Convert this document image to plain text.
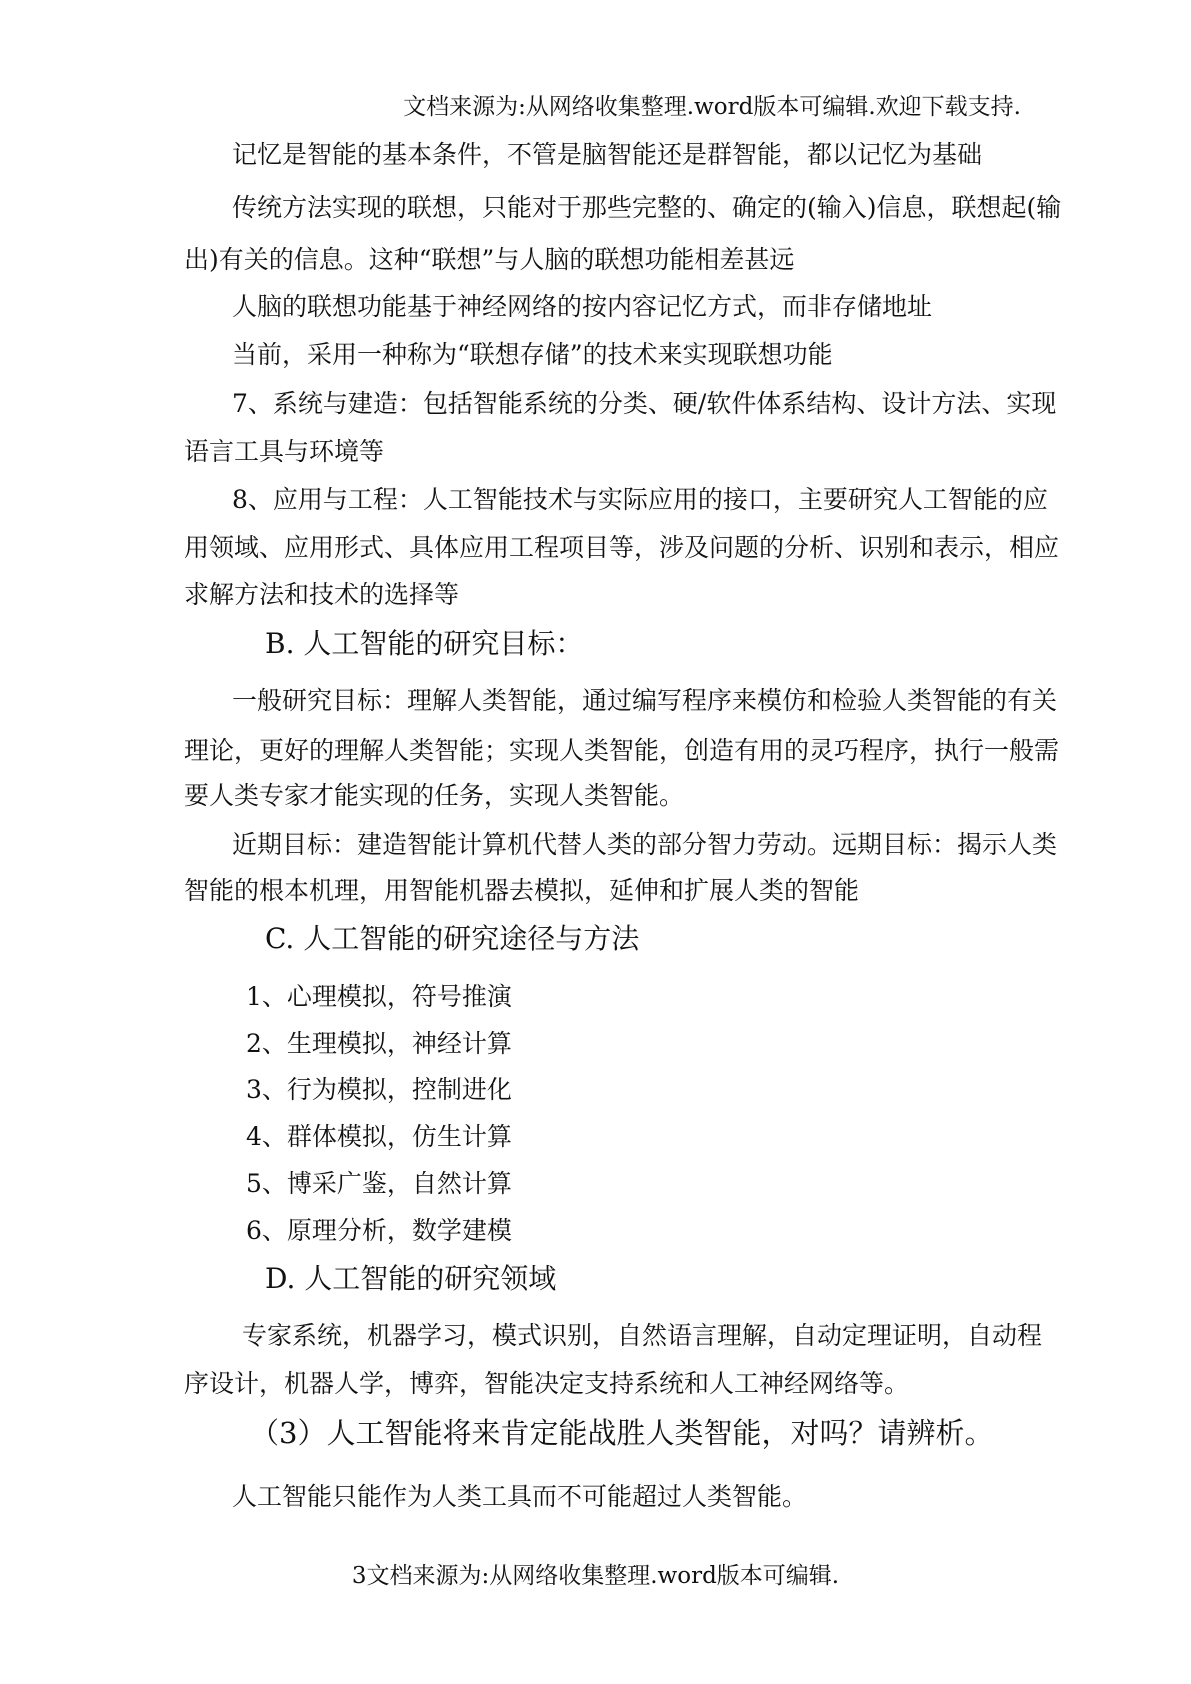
文档来源为:从网络收集整理.word版本可编辑.欢迎下载支持.
记忆是智能的基本条件，不管是脑智能还是群智能，都以记忆为基础
传统方法实现的联想，只能对于那些完整的、确定的(输入)信息，联想起(输
出)有关的信息。这种“联想”与人脑的联想功能相差甚远
人脑的联想功能基于神经网络的按内容记忆方式，而非存储地址
当前，采用一种称为“联想存储”的技术来实现联想功能
7、系统与建造：包括智能系统的分类、硬/软件体系结构、设计方法、实现
语言工具与环境等
8、应用与工程：人工智能技术与实际应用的接口，主要研究人工智能的应
用领域、应用形式、具体应用工程项目等，涉及问题的分析、识别和表示，相应
求解方法和技术的选择等
B. 人工智能的研究目标：
一般研究目标：理解人类智能，通过编写程序来模仿和检验人类智能的有关
理论，更好的理解人类智能；实现人类智能，创造有用的灵巧程序，执行一般需
要人类专家才能实现的任务，实现人类智能。
近期目标：建造智能计算机代替人类的部分智力劳动。远期目标：揭示人类
智能的根本机理，用智能机器去模拟，延伸和扩展人类的智能
C. 人工智能的研究途径与方法
1、心理模拟，符号推演
2、生理模拟，神经计算
3、行为模拟，控制进化
4、群体模拟，仿生计算
5、博采广鉴，自然计算
6、原理分析，数学建模
D. 人工智能的研究领域
专家系统，机器学习，模式识别，自然语言理解，自动定理证明，自动程
序设计，机器人学，博弈，智能决定支持系统和人工神经网络等。
（3）人工智能将来肯定能战胜人类智能，对吗？请辨析。
人工智能只能作为人类工具而不可能超过人类智能。
3文档来源为:从网络收集整理.word版本可编辑.
